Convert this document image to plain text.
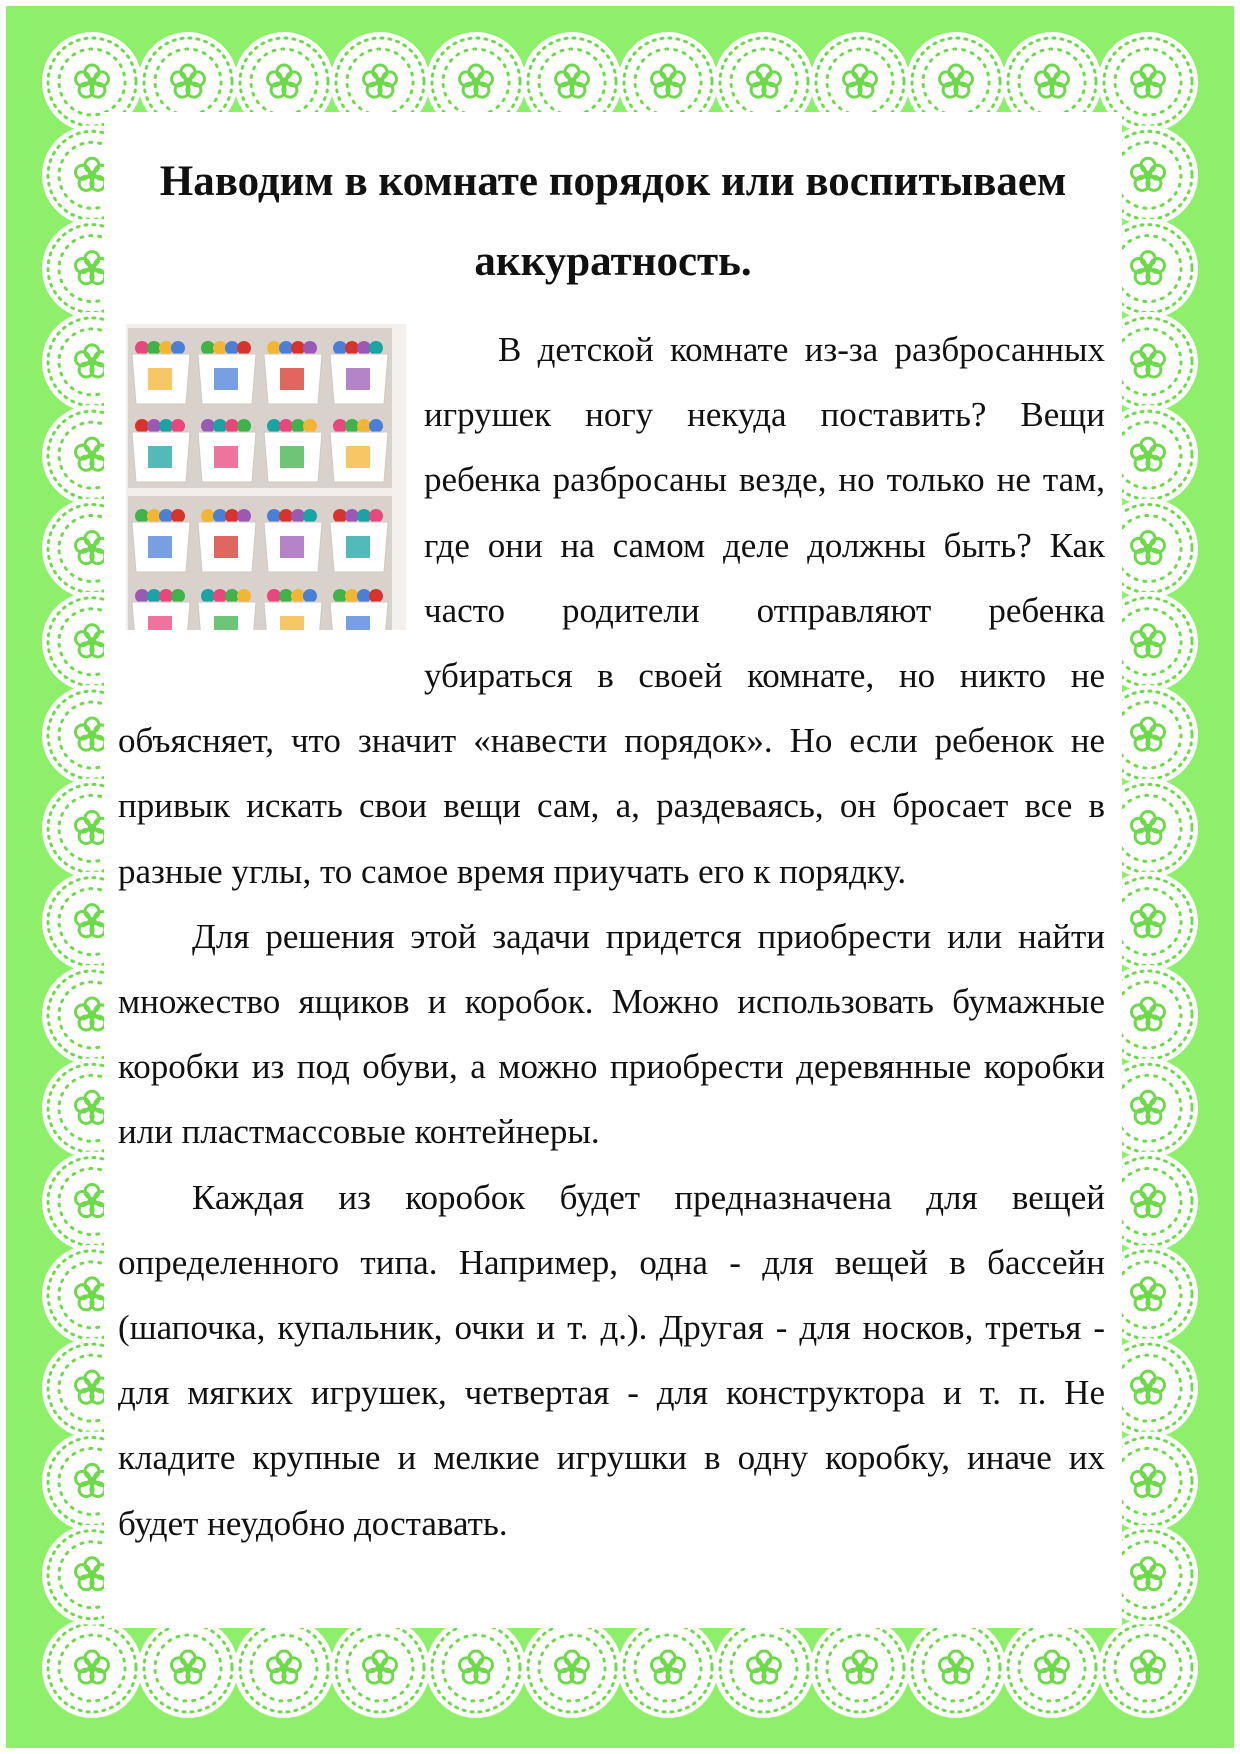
Наводим в комнате порядок или воспитываем аккуратность.

В детской комнате из-за разбросанных игрушек ногу некуда поставить? Вещи ребенка разбросаны везде, но только не там, где они на самом деле должны быть? Как часто родители отправляют ребенка убираться в своей комнате, но никто не объясняет, что значит «навести порядок». Но если ребенок не привык искать свои вещи сам, а, раздеваясь, он бросает все в разные углы, то самое время приучать его к порядку.

Для решения этой задачи придется приобрести или найти множество ящиков и коробок. Можно использовать бумажные коробки из под обуви, а можно приобрести деревянные коробки или пластмассовые контейнеры.

Каждая из коробок будет предназначена для вещей определенного типа. Например, одна - для вещей в бассейн (шапочка, купальник, очки и т. д.). Другая - для носков, третья - для мягких игрушек, четвертая - для конструктора и т. п. Не кладите крупные и мелкие игрушки в одну коробку, иначе их будет неудобно доставать.
